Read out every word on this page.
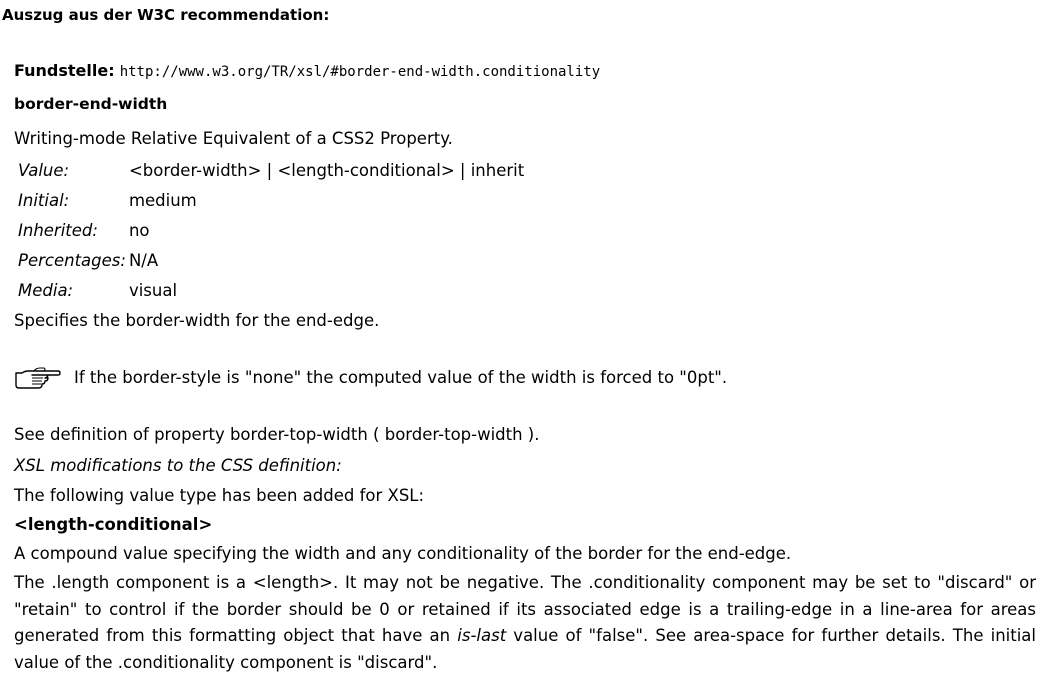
Auszug aus der W3C recommendation:
Fundstelle: http://www.w3.org/TR/xsl/#border-end-width.conditionality
border-end-width
Writing-mode Relative Equivalent of a CSS2 Property.
Value:	<border-width> | <length-conditional> | inherit
Initial:	medium
Inherited:	no
Percentages:	N/A
Media:	visual
Specifies the border-width for the end-edge.
If the border-style is "none" the computed value of the width is forced to "0pt".
See definition of property border-top-width ( border-top-width ).
XSL modifications to the CSS definition:
The following value type has been added for XSL:
<length-conditional>
A compound value specifying the width and any conditionality of the border for the end-edge.
The .length component is a <length>. It may not be negative. The .conditionality component may be set to "discard" or "retain" to control if the border should be 0 or retained if its associated edge is a trailing-edge in a line-area for areas generated from this formatting object that have an is-last value of "false". See area-space for further details. The initial value of the .conditionality component is "discard".
